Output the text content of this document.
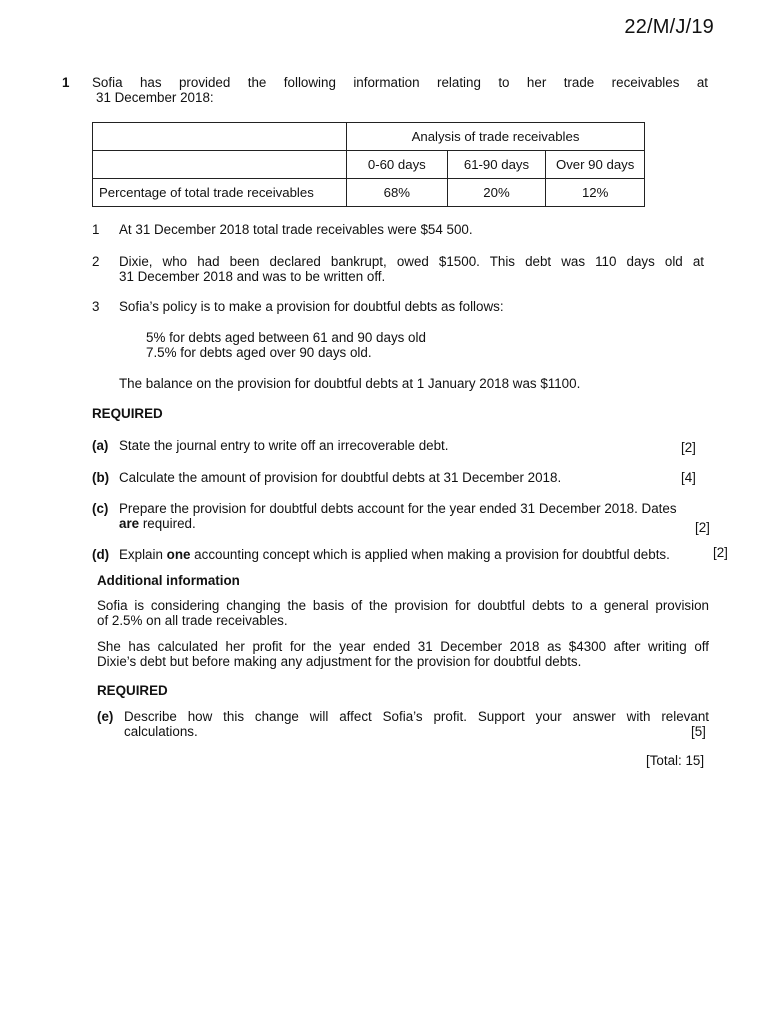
22/M/J/19
1 Sofia has provided the following information relating to her trade receivables at
31 December 2018:
	Analysis of trade receivables		
	0-60 days	61-90 days	Over 90 days
Percentage of total trade receivables	68%	20%	12%
1 At 31 December 2018 total trade receivables were $54 500.
2 Dixie, who had been declared bankrupt, owed $1500. This debt was 110 days old at
31 December 2018 and was to be written off.
3 Sofia’s policy is to make a provision for doubtful debts as follows:
5% for debts aged between 61 and 90 days old
7.5% for debts aged over 90 days old.
The balance on the provision for doubtful debts at 1 January 2018 was $1100.
REQUIRED
(a) State the journal entry to write off an irrecoverable debt.	[2]
(b) Calculate the amount of provision for doubtful debts at 31 December 2018.	[4]
(c) Prepare the provision for doubtful debts account for the year ended 31 December 2018. Dates
are required.	[2]
(d) Explain one accounting concept which is applied when making a provision for doubtful debts.	[2]
Additional information
Sofia is considering changing the basis of the provision for doubtful debts to a general provision
of 2.5% on all trade receivables.
She has calculated her profit for the year ended 31 December 2018 as $4300 after writing off
Dixie’s debt but before making any adjustment for the provision for doubtful debts.
REQUIRED
(e) Describe how this change will affect Sofia’s profit. Support your answer with relevant
calculations.	[5]
[Total: 15]
